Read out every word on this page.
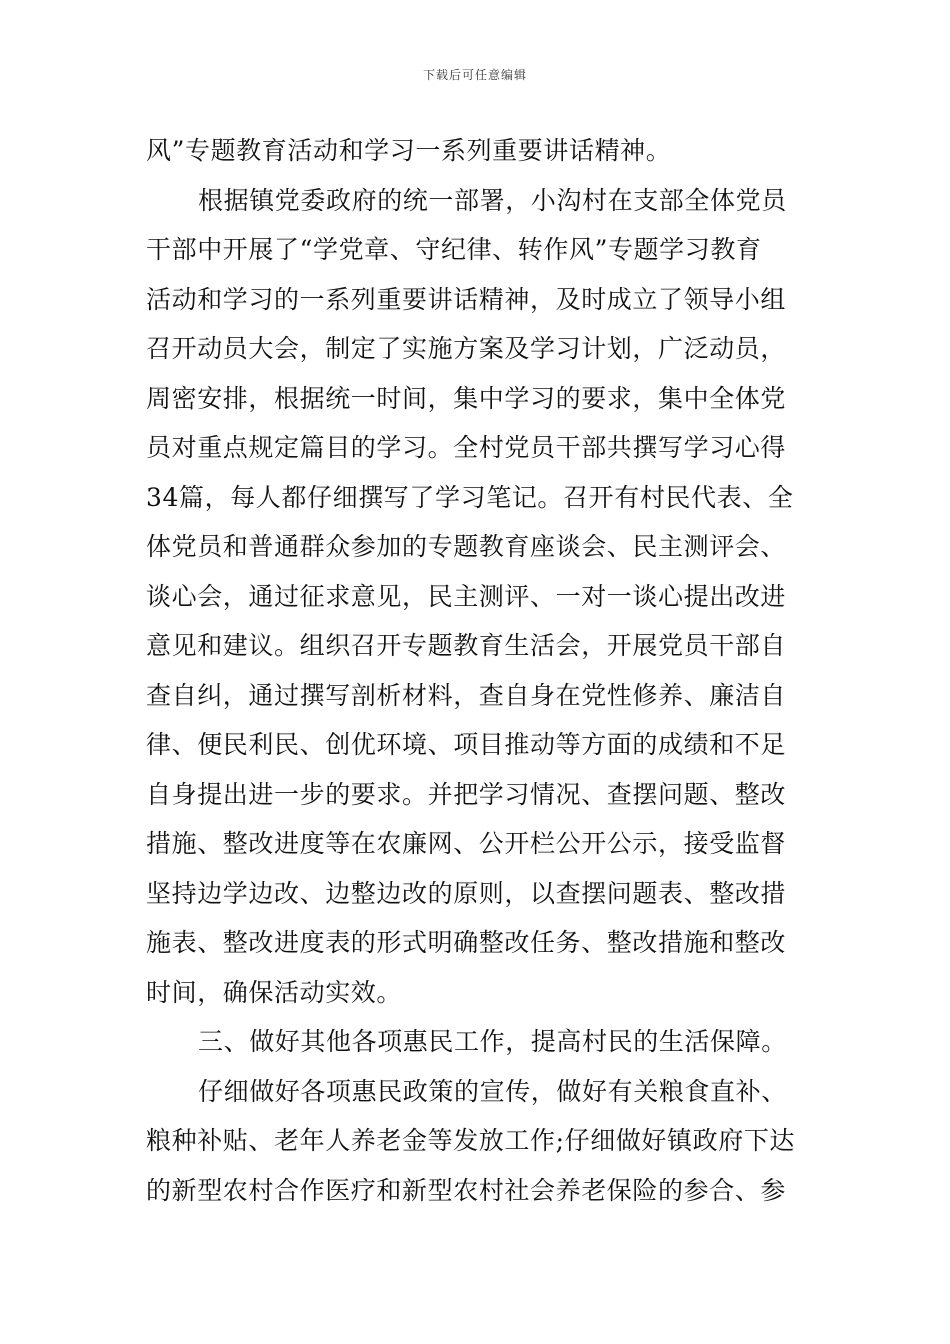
下载后可任意编辑
风”专题教育活动和学习一系列重要讲话精神。
根据镇党委政府的统一部署，小沟村在支部全体党员
干部中开展了“学党章、守纪律、转作风”专题学习教育
活动和学习的一系列重要讲话精神，及时成立了领导小组
召开动员大会，制定了实施方案及学习计划，广泛动员，
周密安排，根据统一时间，集中学习的要求，集中全体党
员对重点规定篇目的学习。全村党员干部共撰写学习心得
34篇，每人都仔细撰写了学习笔记。召开有村民代表、全
体党员和普通群众参加的专题教育座谈会、民主测评会、
谈心会，通过征求意见，民主测评、一对一谈心提出改进
意见和建议。组织召开专题教育生活会，开展党员干部自
查自纠，通过撰写剖析材料，查自身在党性修养、廉洁自
律、便民利民、创优环境、项目推动等方面的成绩和不足
自身提出进一步的要求。并把学习情况、查摆问题、整改
措施、整改进度等在农廉网、公开栏公开公示，接受监督
坚持边学边改、边整边改的原则，以查摆问题表、整改措
施表、整改进度表的形式明确整改任务、整改措施和整改
时间，确保活动实效。
三、做好其他各项惠民工作，提高村民的生活保障。
仔细做好各项惠民政策的宣传，做好有关粮食直补、
粮种补贴、老年人养老金等发放工作;仔细做好镇政府下达
的新型农村合作医疗和新型农村社会养老保险的参合、参
